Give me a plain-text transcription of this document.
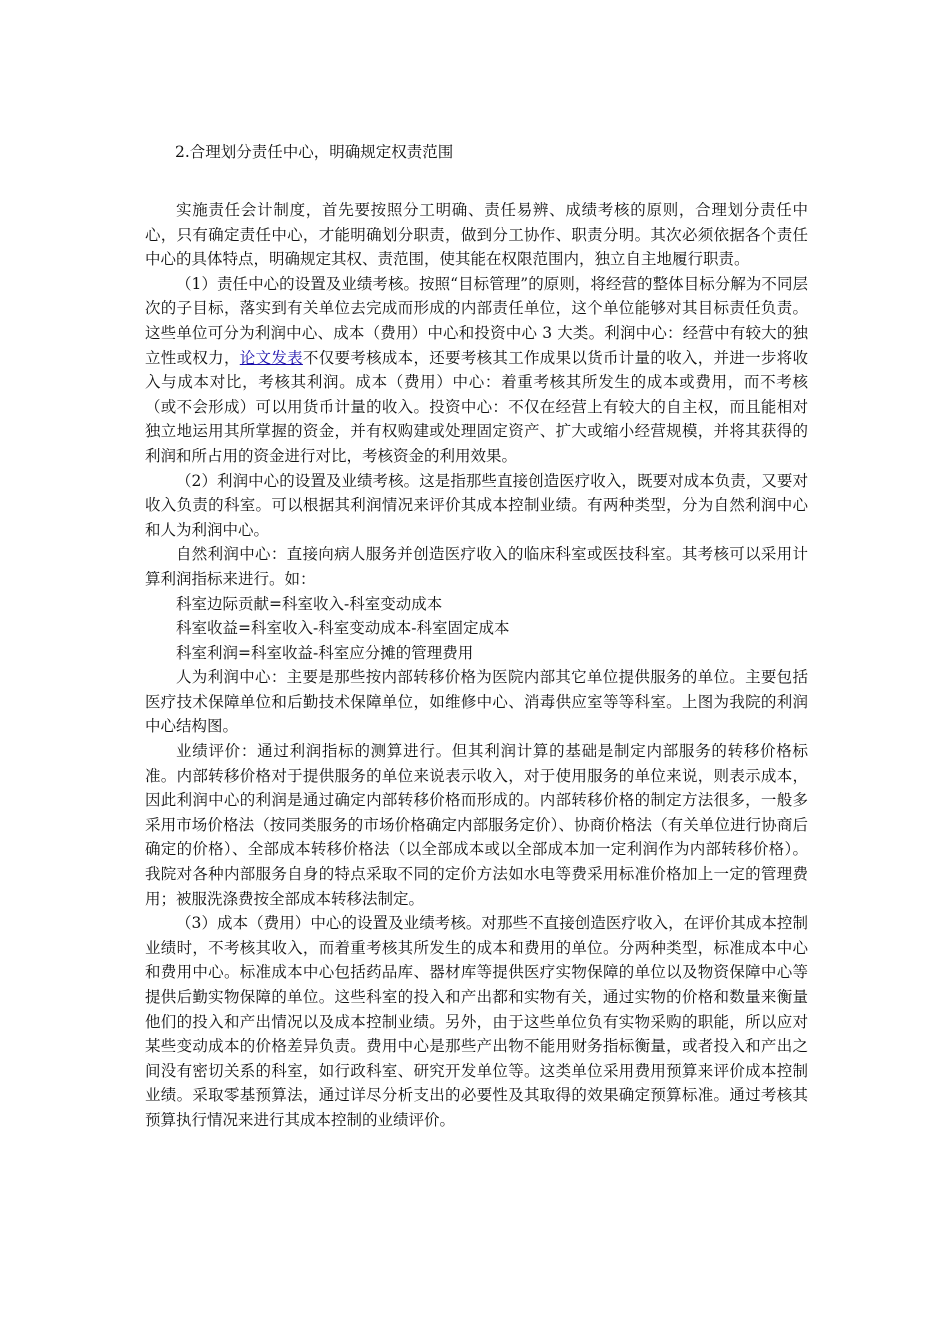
2.合理划分责任中心，明确规定权责范围

实施责任会计制度，首先要按照分工明确、责任易辨、成绩考核的原则，合理划分责任中心，只有确定责任中心，才能明确划分职责，做到分工协作、职责分明。其次必须依据各个责任中心的具体特点，明确规定其权、责范围，使其能在权限范围内，独立自主地履行职责。

（1）责任中心的设置及业绩考核。按照“目标管理”的原则，将经营的整体目标分解为不同层次的子目标，落实到有关单位去完成而形成的内部责任单位，这个单位能够对其目标责任负责。这些单位可分为利润中心、成本（费用）中心和投资中心 3 大类。利润中心：经营中有较大的独立性或权力，论文发表不仅要考核成本，还要考核其工作成果以货币计量的收入，并进一步将收入与成本对比，考核其利润。成本（费用）中心：着重考核其所发生的成本或费用，而不考核（或不会形成）可以用货币计量的收入。投资中心：不仅在经营上有较大的自主权，而且能相对独立地运用其所掌握的资金，并有权购建或处理固定资产、扩大或缩小经营规模，并将其获得的利润和所占用的资金进行对比，考核资金的利用效果。

（2）利润中心的设置及业绩考核。这是指那些直接创造医疗收入，既要对成本负责，又要对收入负责的科室。可以根据其利润情况来评价其成本控制业绩。有两种类型，分为自然利润中心和人为利润中心。

自然利润中心：直接向病人服务并创造医疗收入的临床科室或医技科室。其考核可以采用计算利润指标来进行。如：

科室边际贡献=科室收入-科室变动成本

科室收益=科室收入-科室变动成本-科室固定成本

科室利润=科室收益-科室应分摊的管理费用

人为利润中心：主要是那些按内部转移价格为医院内部其它单位提供服务的单位。主要包括医疗技术保障单位和后勤技术保障单位，如维修中心、消毒供应室等等科室。上图为我院的利润中心结构图。

业绩评价：通过利润指标的测算进行。但其利润计算的基础是制定内部服务的转移价格标准。内部转移价格对于提供服务的单位来说表示收入，对于使用服务的单位来说，则表示成本，因此利润中心的利润是通过确定内部转移价格而形成的。内部转移价格的制定方法很多，一般多采用市场价格法（按同类服务的市场价格确定内部服务定价）、协商价格法（有关单位进行协商后确定的价格）、全部成本转移价格法（以全部成本或以全部成本加一定利润作为内部转移价格）。我院对各种内部服务自身的特点采取不同的定价方法如水电等费采用标准价格加上一定的管理费用；被服洗涤费按全部成本转移法制定。

（3）成本（费用）中心的设置及业绩考核。对那些不直接创造医疗收入，在评价其成本控制业绩时，不考核其收入，而着重考核其所发生的成本和费用的单位。分两种类型，标准成本中心和费用中心。标准成本中心包括药品库、器材库等提供医疗实物保障的单位以及物资保障中心等提供后勤实物保障的单位。这些科室的投入和产出都和实物有关，通过实物的价格和数量来衡量他们的投入和产出情况以及成本控制业绩。另外，由于这些单位负有实物采购的职能，所以应对某些变动成本的价格差异负责。费用中心是那些产出物不能用财务指标衡量，或者投入和产出之间没有密切关系的科室，如行政科室、研究开发单位等。这类单位采用费用预算来评价成本控制业绩。采取零基预算法，通过详尽分析支出的必要性及其取得的效果确定预算标准。通过考核其预算执行情况来进行其成本控制的业绩评价。
